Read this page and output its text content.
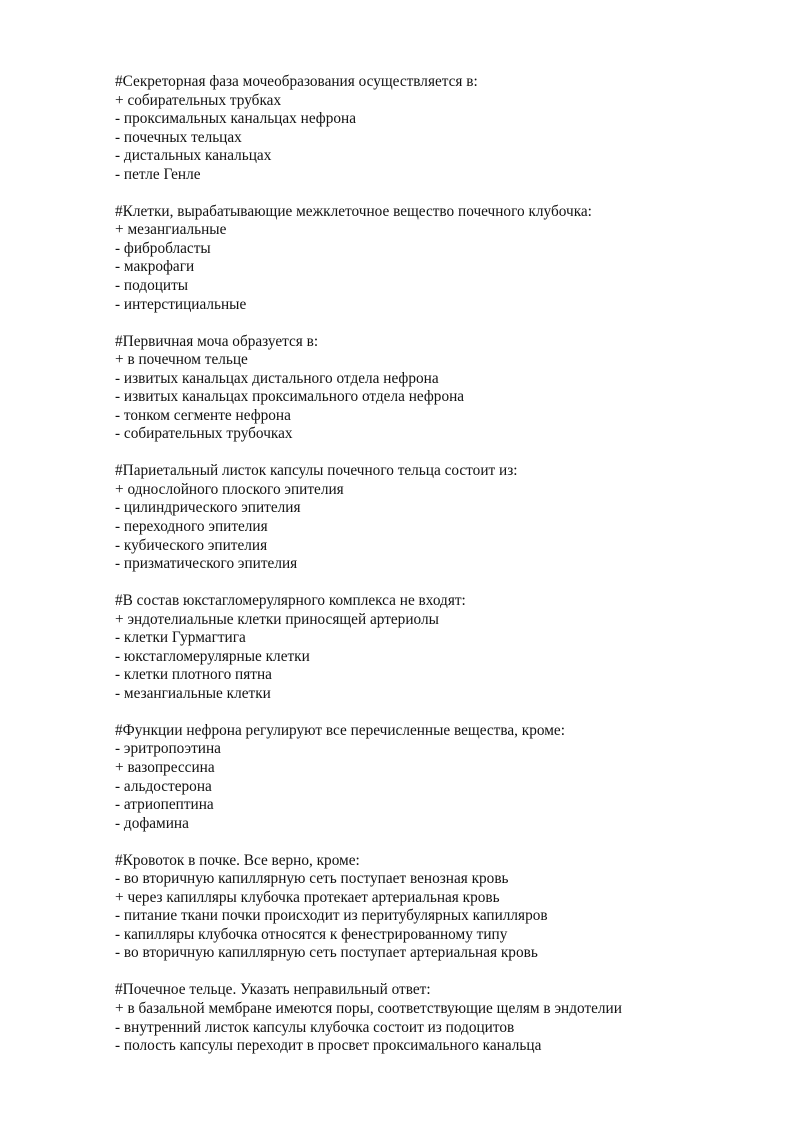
#Секреторная фаза мочеобразования осуществляется в:
+ собирательных трубках
- проксимальных канальцах нефрона
- почечных тельцах
- дистальных канальцах
- петле Генле
#Клетки, вырабатывающие межклеточное вещество почечного клубочка:
+ мезангиальные
- фибробласты
- макрофаги
- подоциты
- интерстициальные
#Первичная моча образуется в:
+ в почечном тельце
- извитых канальцах дистального отдела нефрона
- извитых канальцах проксимального отдела нефрона
- тонком сегменте нефрона
- собирательных трубочках
#Париетальный листок капсулы почечного тельца состоит из:
+ однослойного плоского эпителия
- цилиндрического эпителия
- переходного эпителия
- кубического эпителия
- призматического эпителия
#В состав юкстагломерулярного комплекса не входят:
+ эндотелиальные клетки приносящей артериолы
- клетки Гурмагтига
- юкстагломерулярные клетки
- клетки плотного пятна
- мезангиальные клетки
#Функции нефрона регулируют все перечисленные вещества, кроме:
- эритропоэтина
+ вазопрессина
- альдостерона
- атриопептина
- дофамина
#Кровоток в почке. Все верно, кроме:
- во вторичную капиллярную сеть поступает венозная кровь
+ через капилляры клубочка протекает артериальная кровь
- питание ткани почки происходит из перитубулярных капилляров
- капилляры клубочка относятся к фенестрированному типу
- во вторичную капиллярную сеть поступает артериальная кровь
#Почечное тельце. Указать неправильный ответ:
+ в базальной мембране имеются поры, соответствующие щелям в эндотелии
- внутренний листок капсулы клубочка состоит из подоцитов
- полость капсулы переходит в просвет проксимального канальца
